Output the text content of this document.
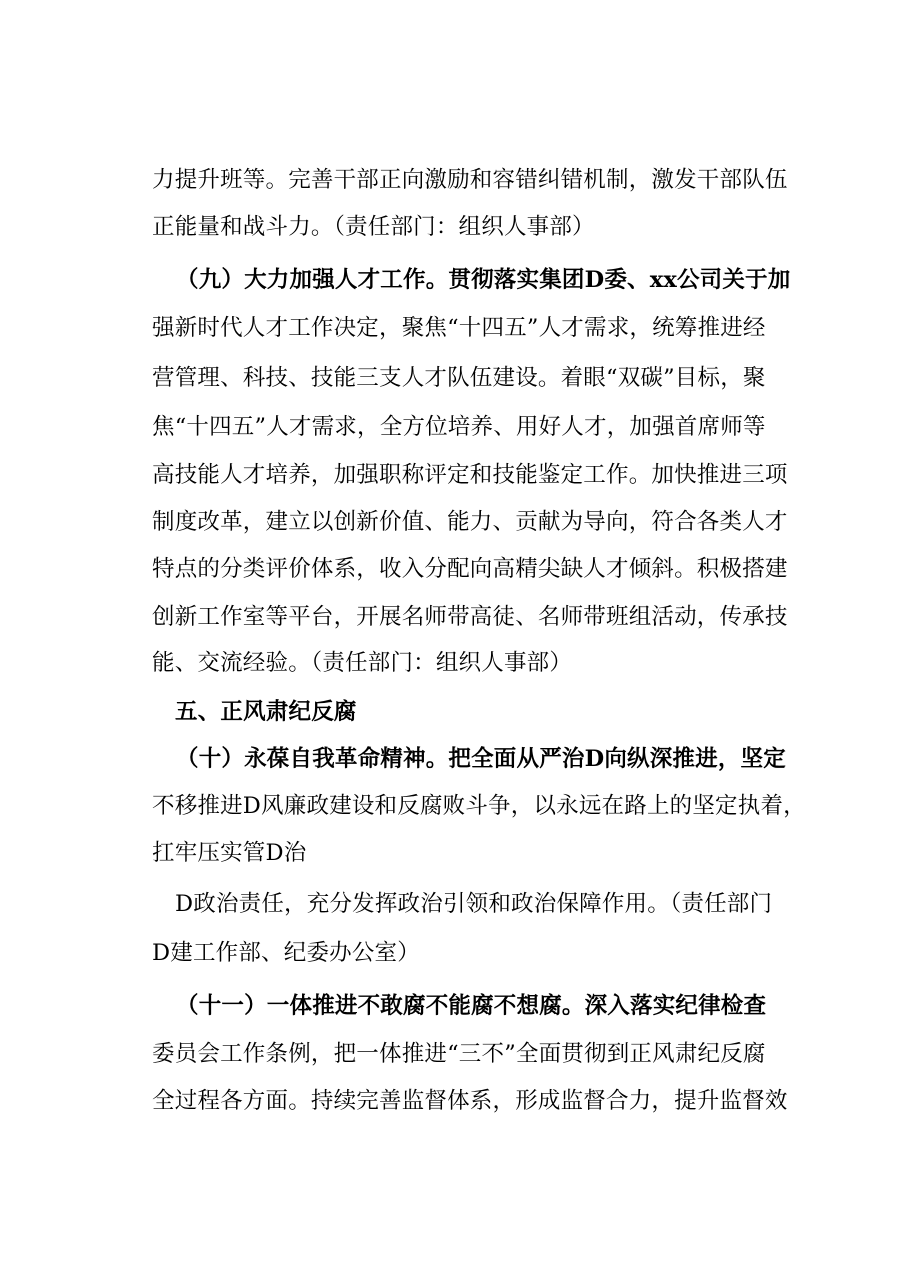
力提升班等。完善干部正向激励和容错纠错机制，激发干部队伍
正能量和战斗力。（责任部门：组织人事部）
（九）大力加强人才工作。贯彻落实集团D委、xx公司关于加
强新时代人才工作决定，聚焦“十四五”人才需求，统筹推进经
营管理、科技、技能三支人才队伍建设。着眼“双碳”目标，聚
焦“十四五”人才需求，全方位培养、用好人才，加强首席师等
高技能人才培养，加强职称评定和技能鉴定工作。加快推进三项
制度改革，建立以创新价值、能力、贡献为导向，符合各类人才
特点的分类评价体系，收入分配向高精尖缺人才倾斜。积极搭建
创新工作室等平台，开展名师带高徒、名师带班组活动，传承技
能、交流经验。（责任部门：组织人事部）
五、正风肃纪反腐
（十）永葆自我革命精神。把全面从严治D向纵深推进，坚定
不移推进D风廉政建设和反腐败斗争，以永远在路上的坚定执着，
扛牢压实管D治
D政治责任，充分发挥政治引领和政治保障作用。（责任部门
D建工作部、纪委办公室）
（十一）一体推进不敢腐不能腐不想腐。深入落实纪律检查
委员会工作条例，把一体推进“三不”全面贯彻到正风肃纪反腐
全过程各方面。持续完善监督体系，形成监督合力，提升监督效
